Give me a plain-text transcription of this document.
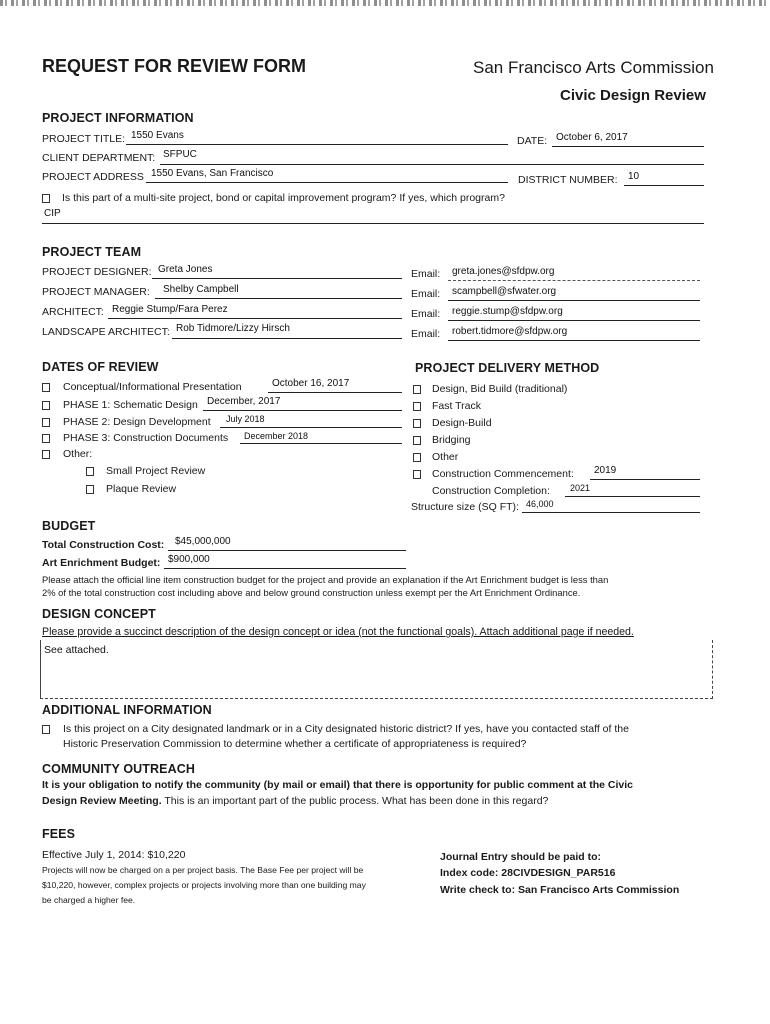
REQUEST FOR REVIEW FORM	San Francisco Arts Commission
Civic Design Review
PROJECT INFORMATION
PROJECT TITLE: 1550 Evans	DATE: October 6, 2017
CLIENT DEPARTMENT: SFPUC
PROJECT ADDRESS 1550 Evans, San Francisco
DISTRICT NUMBER: 10
Is this part of a multi-site project, bond or capital improvement program? If yes, which program?
CIP
PROJECT TEAM
PROJECT DESIGNER: Greta Jones	Email: greta.jones@sfdpw.org
PROJECT MANAGER: Shelby Campbell	Email: scampbell@sfwater.org
ARCHITECT: Reggie Stump/Fara Perez	Email: reggie.stump@sfdpw.org
LANDSCAPE ARCHITECT: Rob Tidmore/Lizzy Hirsch	Email: robert.tidmore@sfdpw.org
DATES OF REVIEW
Conceptual/Informational Presentation	October 16, 2017
PHASE 1: Schematic Design December, 2017
PHASE 2: Design Development July 2018
PHASE 3: Construction Documents December 2018
Other:
Small Project Review
Plaque Review
PROJECT DELIVERY METHOD
Design, Bid Build (traditional)
Fast Track
Design-Build
Bridging
Other
Construction Commencement: 2019
Construction Completion: 2021
Structure size (SQ FT): 46,000
BUDGET
Total Construction Cost: $45,000,000
Art Enrichment Budget: $900,000
Please attach the official line item construction budget for the project and provide an explanation if the Art Enrichment budget is less than
2% of the total construction cost including above and below ground construction unless exempt per the Art Enrichment Ordinance.
DESIGN CONCEPT
Please provide a succinct description of the design concept or idea (not the functional goals). Attach additional page if needed.
See attached.
ADDITIONAL INFORMATION
Is this project on a City designated landmark or in a City designated historic district? If yes, have you contacted staff of the
Historic Preservation Commission to determine whether a certificate of appropriateness is required?
COMMUNITY OUTREACH
It is your obligation to notify the community (by mail or email) that there is opportunity for public comment at the Civic
Design Review Meeting. This is an important part of the public process. What has been done in this regard?
FEES
Effective July 1, 2014: $10,220
Projects will now be charged on a per project basis. The Base Fee per project will be
$10,220, however, complex projects or projects involving more than one building may
be charged a higher fee.
Journal Entry should be paid to:
Index code: 28CIVDESIGN_PAR516
Write check to: San Francisco Arts Commission
